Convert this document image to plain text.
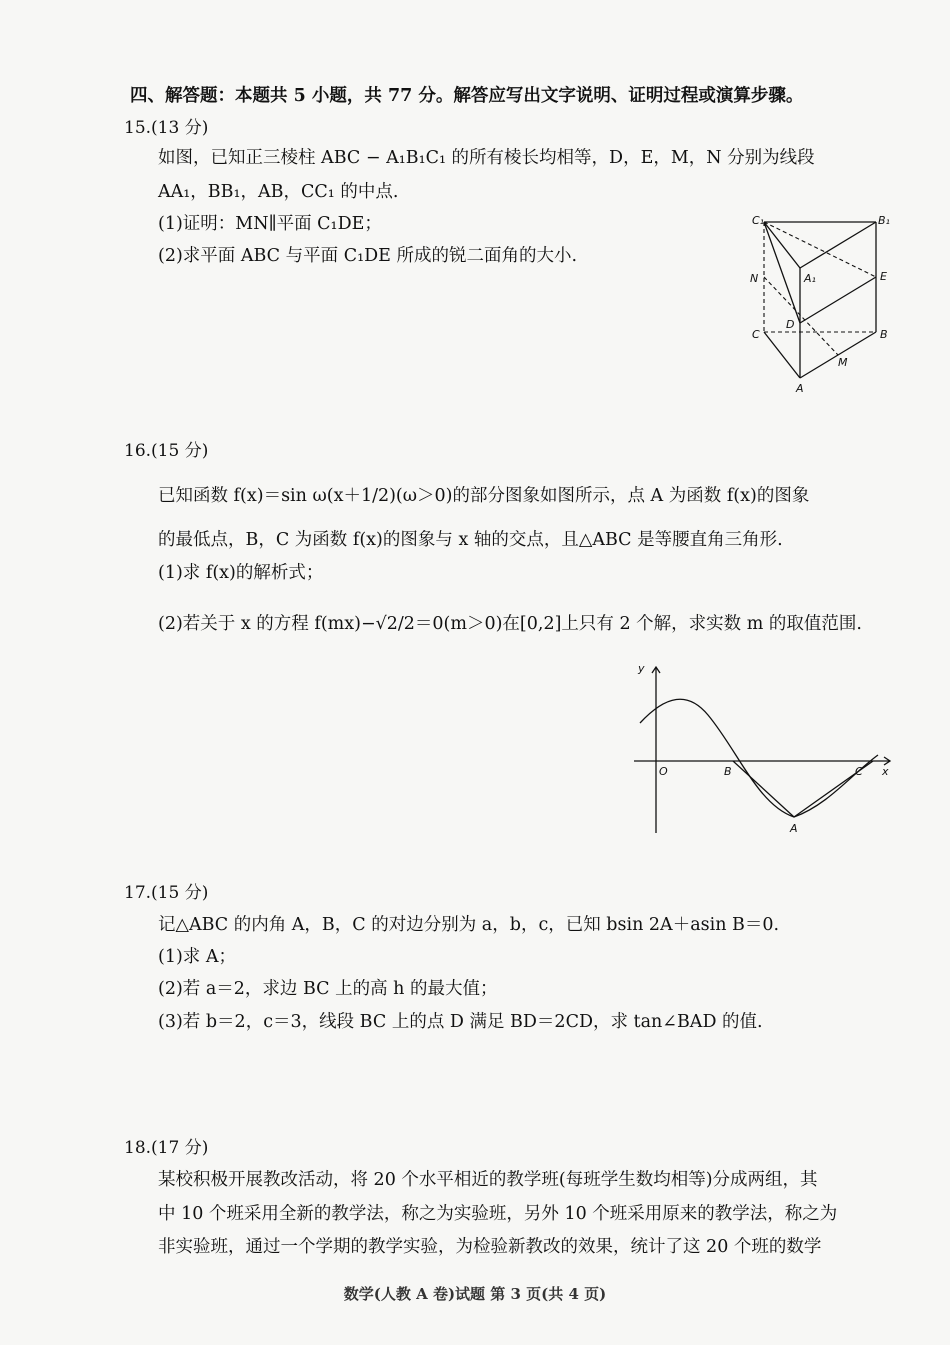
四、解答题：本题共 5 小题，共 77 分。解答应写出文字说明、证明过程或演算步骤。
15.(13 分)
如图，已知正三棱柱 ABC − A₁B₁C₁ 的所有棱长均相等，D，E，M，N 分别为线段
AA₁，BB₁，AB，CC₁ 的中点.
(1)证明：MN∥平面 C₁DE；
(2)求平面 ABC 与平面 C₁DE 所成的锐二面角的大小.
C₁	B₁
A₁
N	E
D
C	B
M
A
16.(15 分)
已知函数 f(x)＝sin ω(x＋1/2)(ω＞0)的部分图象如图所示，点 A 为函数 f(x)的图象
的最低点，B，C 为函数 f(x)的图象与 x 轴的交点，且△ABC 是等腰直角三角形.
(1)求 f(x)的解析式；
(2)若关于 x 的方程 f(mx)−√2/2＝0(m＞0)在[0,2]上只有 2 个解，求实数 m 的取值范围.
y
x
O	B	C
A
17.(15 分)
记△ABC 的内角 A，B，C 的对边分别为 a，b，c，已知 bsin 2A＋asin B＝0.
(1)求 A；
(2)若 a＝2，求边 BC 上的高 h 的最大值；
(3)若 b＝2，c＝3，线段 BC 上的点 D 满足 BD＝2CD，求 tan∠BAD 的值.
18.(17 分)
某校积极开展教改活动，将 20 个水平相近的教学班(每班学生数均相等)分成两组，其
中 10 个班采用全新的教学法，称之为实验班，另外 10 个班采用原来的教学法，称之为
非实验班，通过一个学期的教学实验，为检验新教改的效果，统计了这 20 个班的数学
数学(人教 A 卷)试题 第 3 页(共 4 页)
